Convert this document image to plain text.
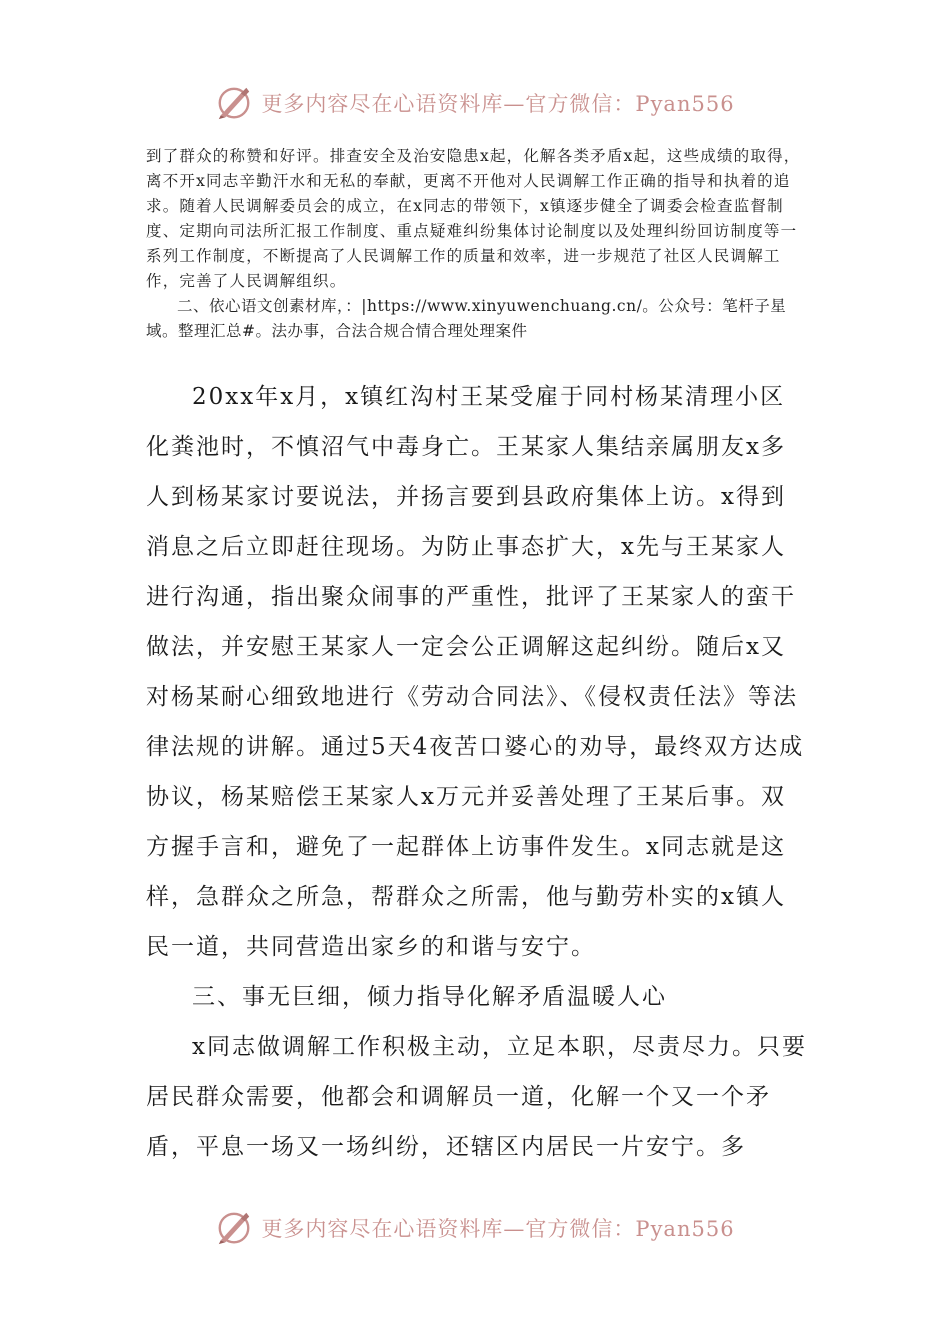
更多内容尽在心语资料库—官方微信：Pyan556

到了群众的称赞和好评。排查安全及治安隐患x起，化解各类矛盾x起，这些成绩的取得，离不开x同志辛勤汗水和无私的奉献，更离不开他对人民调解工作正确的指导和执着的追求。随着人民调解委员会的成立，在x同志的带领下，x镇逐步健全了调委会检查监督制度、定期向司法所汇报工作制度、重点疑难纠纷集体讨论制度以及处理纠纷回访制度等一系列工作制度，不断提高了人民调解工作的质量和效率，进一步规范了社区人民调解工作，完善了人民调解组织。

二、依心语文创素材库，：|https://www.xinyuwenchuang.cn/。公众号：笔杆子星域。整理汇总#。法办事，合法合规合情合理处理案件

20xx年x月，x镇红沟村王某受雇于同村杨某清理小区化粪池时，不慎沼气中毒身亡。王某家人集结亲属朋友x多人到杨某家讨要说法，并扬言要到县政府集体上访。x得到消息之后立即赶往现场。为防止事态扩大，x先与王某家人进行沟通，指出聚众闹事的严重性，批评了王某家人的蛮干做法，并安慰王某家人一定会公正调解这起纠纷。随后x又对杨某耐心细致地进行《劳动合同法》、《侵权责任法》等法律法规的讲解。通过5天4夜苦口婆心的劝导，最终双方达成协议，杨某赔偿王某家人x万元并妥善处理了王某后事。双方握手言和，避免了一起群体上访事件发生。x同志就是这样，急群众之所急，帮群众之所需，他与勤劳朴实的x镇人民一道，共同营造出家乡的和谐与安宁。

三、事无巨细，倾力指导化解矛盾温暖人心

x同志做调解工作积极主动，立足本职，尽责尽力。只要居民群众需要，他都会和调解员一道，化解一个又一个矛盾，平息一场又一场纠纷，还辖区内居民一片安宁。多

更多内容尽在心语资料库—官方微信：Pyan556
